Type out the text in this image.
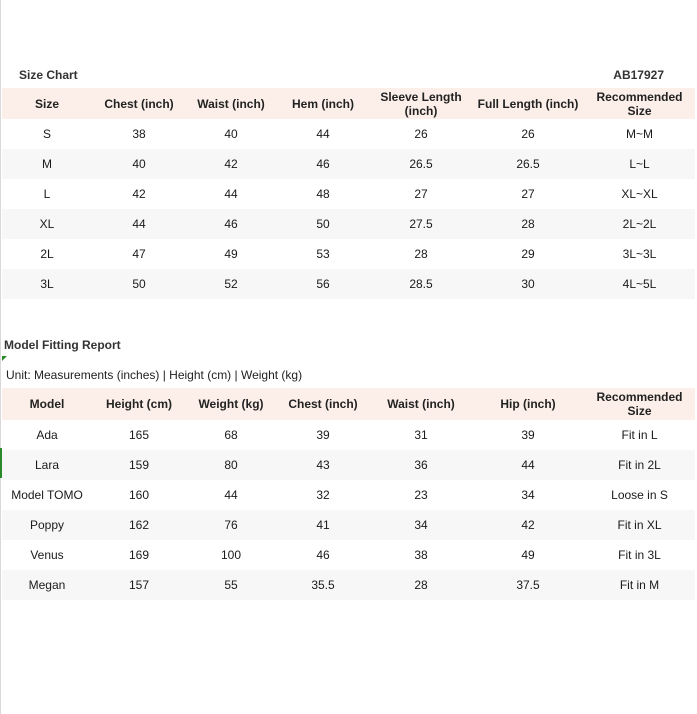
Size Chart	AB17927
Size	Chest (inch)	Waist (inch)	Hem (inch)	Sleeve Length (inch)	Full Length (inch)	Recommended Size
S	38	40	44	26	26	M~M
M	40	42	46	26.5	26.5	L~L
L	42	44	48	27	27	XL~XL
XL	44	46	50	27.5	28	2L~2L
2L	47	49	53	28	29	3L~3L
3L	50	52	56	28.5	30	4L~5L
Model Fitting Report
Unit: Measurements (inches) | Height (cm) | Weight (kg)
Model	Height (cm)	Weight (kg)	Chest (inch)	Waist (inch)	Hip (inch)	Recommended Size
Ada	165	68	39	31	39	Fit in L
Lara	159	80	43	36	44	Fit in 2L
Model TOMO	160	44	32	23	34	Loose in S
Poppy	162	76	41	34	42	Fit in XL
Venus	169	100	46	38	49	Fit in 3L
Megan	157	55	35.5	28	37.5	Fit in M
